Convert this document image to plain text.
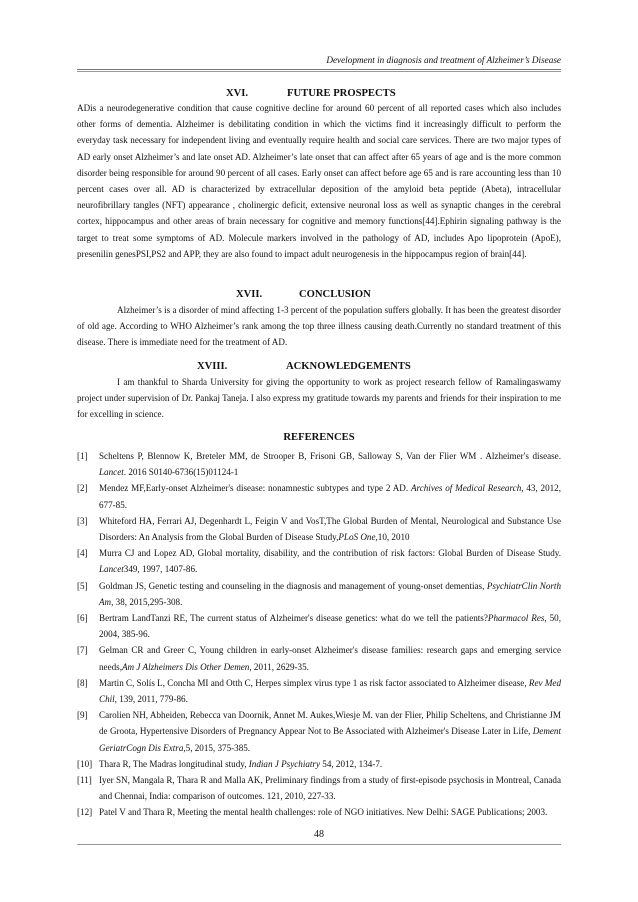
Development in diagnosis and treatment of Alzheimer’s Disease
XVI.	FUTURE PROSPECTS
ADis a neurodegenerative condition that cause cognitive decline for around 60 percent of all reported cases which also includes other forms of dementia. Alzheimer is debilitating condition in which the victims find it increasingly difficult to perform the everyday task necessary for independent living and eventually require health and social care services. There are two major types of AD early onset Alzheimer’s and late onset AD. Alzheimer’s late onset that can affect after 65 years of age and is the more common disorder being responsible for around 90 percent of all cases. Early onset can affect before age 65 and is rare accounting less than 10 percent cases over all. AD is characterized by extracellular deposition of the amyloid beta peptide (Abeta), intracellular neurofibrillary tangles (NFT) appearance , cholinergic deficit, extensive neuronal loss as well as synaptic changes in the cerebral cortex, hippocampus and other areas of brain necessary for cognitive and memory functions[44].Ephirin signaling pathway is the target to treat some symptoms of AD. Molecule markers involved in the pathology of AD, includes Apo lipoprotein (ApoE), presenilin genesPSI,PS2 and APP, they are also found to impact adult neurogenesis in the hippocampus region of brain[44].
XVII.	CONCLUSION
Alzheimer’s is a disorder of mind affecting 1-3 percent of the population suffers globally. It has been the greatest disorder of old age. According to WHO Alzheimer’s rank among the top three illness causing death.Currently no standard treatment of this disease. There is immediate need for the treatment of AD.
XVIII.	ACKNOWLEDGEMENTS
I am thankful to Sharda University for giving the opportunity to work as project research fellow of Ramalingaswamy project under supervision of Dr. Pankaj Taneja. I also express my gratitude towards my parents and friends for their inspiration to me for excelling in science.
REFERENCES
[1]	Scheltens P, Blennow K, Breteler MM, de Strooper B, Frisoni GB, Salloway S, Van der Flier WM . Alzheimer's disease. Lancet. 2016 S0140-6736(15)01124-1
[2]	Mendez MF,Early-onset Alzheimer's disease: nonamnestic subtypes and type 2 AD. Archives of Medical Research, 43, 2012, 677-85.
[3]	Whiteford HA, Ferrari AJ, Degenhardt L, Feigin V and VosT,The Global Burden of Mental, Neurological and Substance Use Disorders: An Analysis from the Global Burden of Disease Study,PLoS One,10, 2010
[4]	Murra CJ and Lopez AD, Global mortality, disability, and the contribution of risk factors: Global Burden of Disease Study. Lancet349, 1997, 1407-86.
[5]	Goldman JS, Genetic testing and counseling in the diagnosis and management of young-onset dementias, PsychiatrClin North Am, 38, 2015,295-308.
[6]	Bertram LandTanzi RE, The current status of Alzheimer's disease genetics: what do we tell the patients?Pharmacol Res, 50, 2004, 385-96.
[7]	Gelman CR and Greer C, Young children in early-onset Alzheimer's disease families: research gaps and emerging service needs,Am J Alzheimers Dis Other Demen, 2011, 2629-35.
[8]	Martin C, Solís L, Concha MI and Otth C, Herpes simplex virus type 1 as risk factor associated to Alzheimer disease, Rev Med Chil, 139, 2011, 779-86.
[9]	Carolien NH, Abheiden, Rebecca van Doornik, Annet M. Aukes,Wiesje M. van der Flier, Philip Scheltens, and Christianne JM de Groota, Hypertensive Disorders of Pregnancy Appear Not to Be Associated with Alzheimer's Disease Later in Life, Dement GeriatrCogn Dis Extra,5, 2015, 375-385.
[10] Thara R, The Madras longitudinal study, Indian J Psychiatry 54, 2012, 134-7.
[11] Iyer SN, Mangala R, Thara R and Malla AK, Preliminary findings from a study of first-episode psychosis in Montreal, Canada and Chennai, India: comparison of outcomes. 121, 2010, 227-33.
[12] Patel V and Thara R, Meeting the mental health challenges: role of NGO initiatives. New Delhi: SAGE Publications; 2003.
48
